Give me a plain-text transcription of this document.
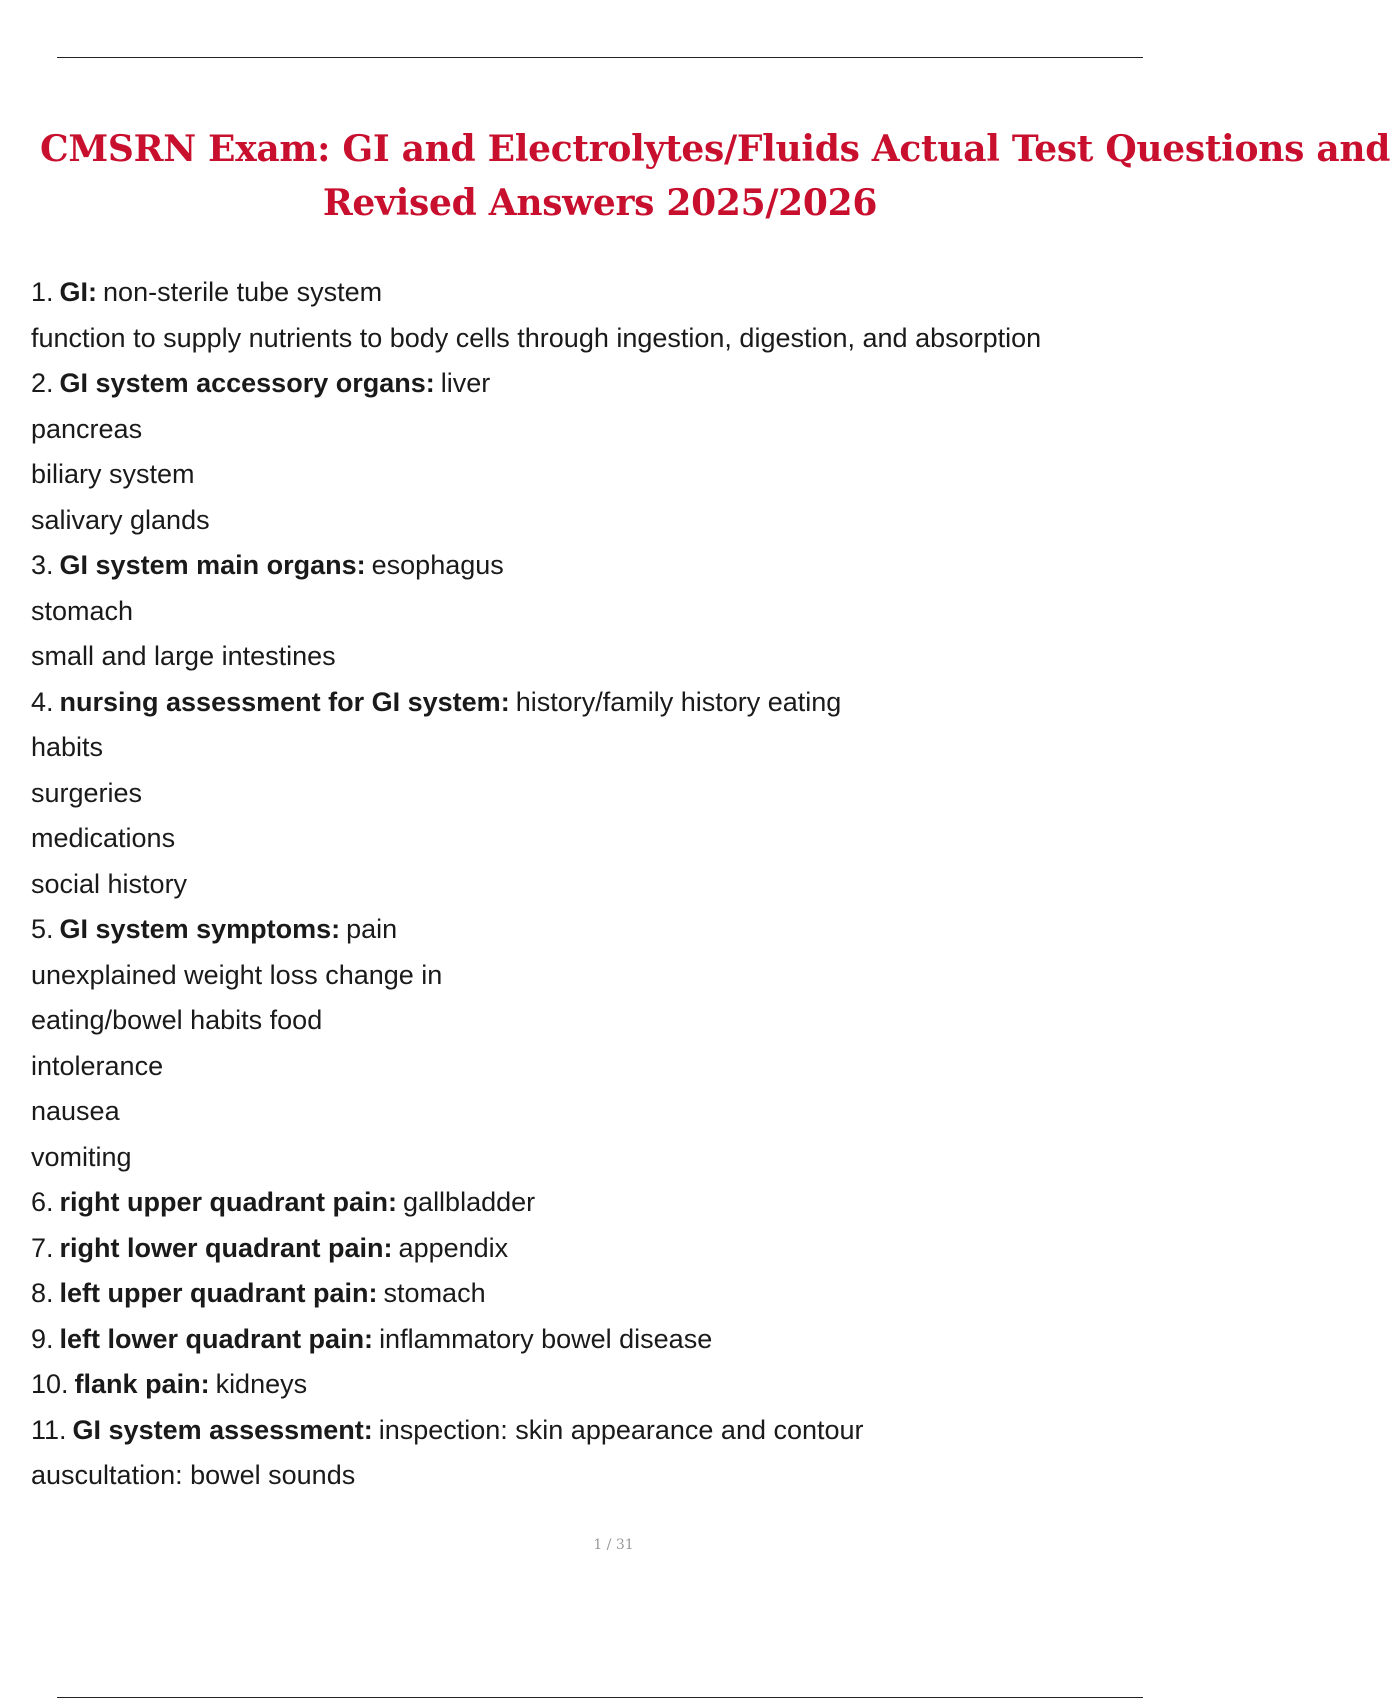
CMSRN Exam: GI and Electrolytes/Fluids Actual Test Questions and
Revised Answers 2025/2026
1. GI: non-sterile tube system
function to supply nutrients to body cells through ingestion, digestion, and absorption
2. GI system accessory organs: liver
pancreas
biliary system
salivary glands
3. GI system main organs: esophagus
stomach
small and large intestines
4. nursing assessment for GI system: history/family history eating
habits
surgeries
medications
social history
5. GI system symptoms: pain
unexplained weight loss change in
eating/bowel habits food
intolerance
nausea
vomiting
6. right upper quadrant pain: gallbladder
7. right lower quadrant pain: appendix
8. left upper quadrant pain: stomach
9. left lower quadrant pain: inflammatory bowel disease
10. flank pain: kidneys
11. GI system assessment: inspection: skin appearance and contour
auscultation: bowel sounds
1 / 31
